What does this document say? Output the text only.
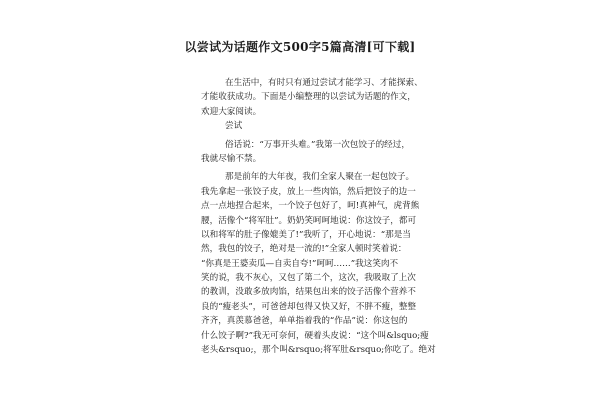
以尝试为话题作文500字5篇高清[可下载]
在生活中，有时只有通过尝试才能学习、才能探索、
才能收获成功。下面是小编整理的以尝试为话题的作文，
欢迎大家阅读。
尝试
俗话说：“万事开头难。”我第一次包饺子的经过，
我就尽愉不禁。
那是前年的大年夜，我们全家人聚在一起包饺子。
我先拿起一张饺子皮，放上一些肉馅，然后把饺子的边一
点一点地捏合起来，一个饺子包好了，呵!真神气，虎背熊
腰，活像个“将军肚”。奶奶笑呵呵地说：你这饺子，都可
以和将军的肚子像媲美了!”我听了，开心地说：“那是当
然，我包的饺子，绝对是一流的!”全家人顿时笑着说：
“你真是王婆卖瓜—自卖自夸!”呵呵……”我这笑肉不
笑的说，我不灰心，又包了第二个，这次，我吸取了上次
的教训，没敢多放肉馅，结果包出来的饺子活像个营养不
良的“瘦老头”，可爸爸却包得又快又好，不胖不瘦，整整
齐齐，真羡慕爸爸，单单指着我的“作品”说：你这包的
什么饺子啊?”我无可奈何，硬着头皮说：“这个叫&lsquo;瘦
老头&rsquo;，那个叫&rsquo;将军肚&rsquo;你吃了。绝对
